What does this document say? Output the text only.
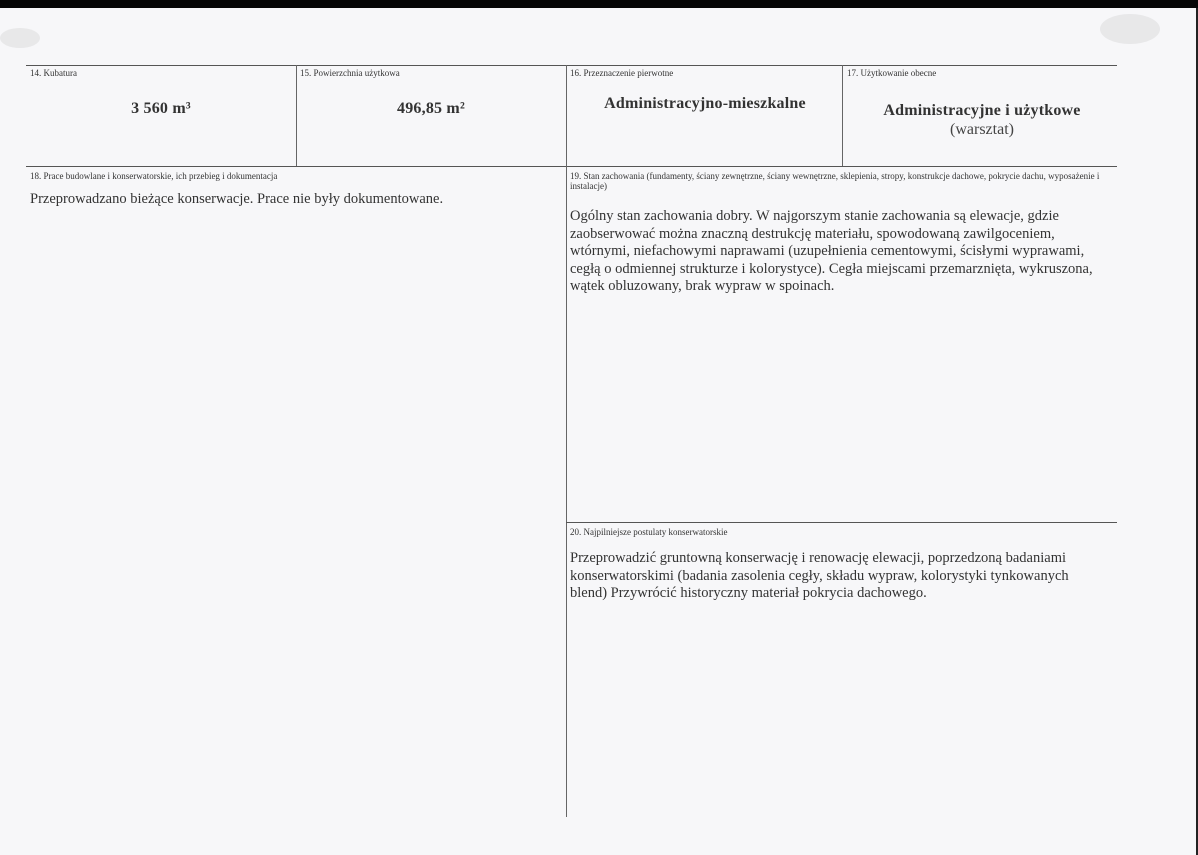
14. Kubatura
3 560 m³
15. Powierzchnia użytkowa
496,85 m²
16. Przeznaczenie pierwotne
Administracyjno-mieszkalne
17. Użytkowanie obecne
Administracyjne i użytkowe
(warsztat)
18. Prace budowlane i konserwatorskie, ich przebieg i dokumentacja
Przeprowadzano bieżące konserwacje. Prace nie były dokumentowane.
19. Stan zachowania (fundamenty, ściany zewnętrzne, ściany wewnętrzne, sklepienia, stropy, konstrukcje dachowe, pokrycie dachu, wyposażenie i instalacje)
Ogólny stan zachowania dobry. W najgorszym stanie zachowania są elewacje, gdzie zaobserwować można znaczną destrukcję materiału, spowodowaną zawilgoceniem, wtórnymi, niefachowymi naprawami (uzupełnienia cementowymi, ścisłymi wyprawami, cegłą o odmiennej strukturze i kolorystyce). Cegła miejscami przemarznięta, wykruszona, wątek obluzowany, brak wypraw w spoinach.
20. Najpilniejsze postulaty konserwatorskie
Przeprowadzić gruntowną konserwację i renowację elewacji, poprzedzoną badaniami konserwatorskimi (badania zasolenia cegły, składu wypraw, kolorystyki tynkowanych blend) Przywrócić historyczny materiał pokrycia dachowego.
